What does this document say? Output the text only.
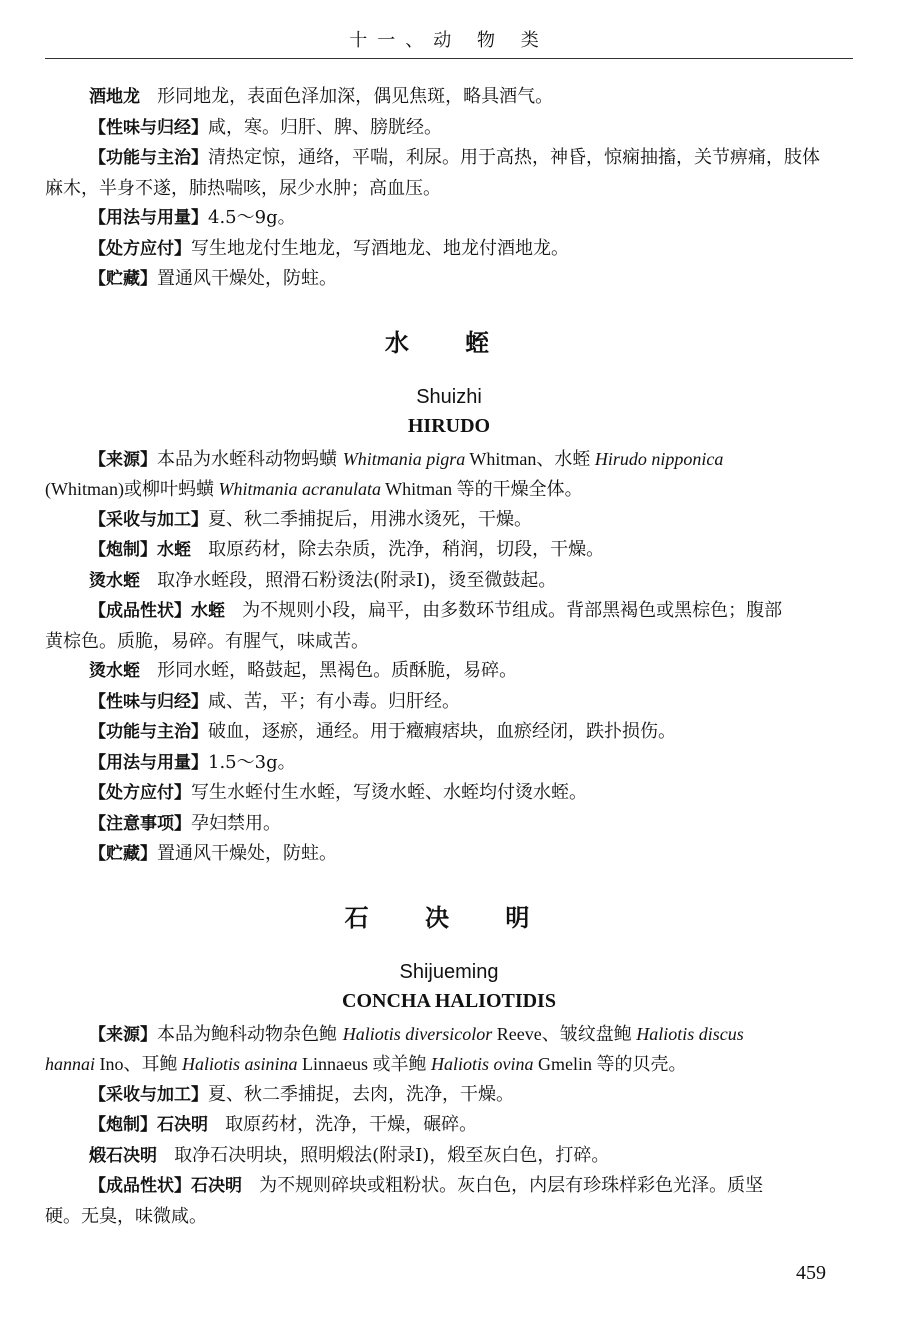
十一、动 物 类
酒地龙 形同地龙，表面色泽加深，偶见焦斑，略具酒气。
【性味与归经】咸，寒。归肝、脾、膀胱经。
【功能与主治】清热定惊，通络，平喘，利尿。用于高热，神昏，惊痫抽搐，关节痹痛，肢体
麻木，半身不遂，肺热喘咳，尿少水肿；高血压。
【用法与用量】4.5～9g。
【处方应付】写生地龙付生地龙，写酒地龙、地龙付酒地龙。
【贮藏】置通风干燥处，防蛀。
水 蛭
Shuizhi
HIRUDO
【来源】本品为水蛭科动物蚂蟥 Whitmania pigra Whitman、水蛭 Hirudo nipponica
(Whitman)或柳叶蚂蟥 Whitmania acranulata Whitman 等的干燥全体。
【采收与加工】夏、秋二季捕捉后，用沸水烫死，干燥。
【炮制】水蛭 取原药材，除去杂质，洗净，稍润，切段，干燥。
烫水蛭 取净水蛭段，照滑石粉烫法(附录Ⅰ)，烫至微鼓起。
【成品性状】水蛭 为不规则小段，扁平，由多数环节组成。背部黑褐色或黑棕色；腹部
黄棕色。质脆，易碎。有腥气，味咸苦。
烫水蛭 形同水蛭，略鼓起，黑褐色。质酥脆，易碎。
【性味与归经】咸、苦，平；有小毒。归肝经。
【功能与主治】破血，逐瘀，通经。用于癥瘕痞块，血瘀经闭，跌扑损伤。
【用法与用量】1.5～3g。
【处方应付】写生水蛭付生水蛭，写烫水蛭、水蛭均付烫水蛭。
【注意事项】孕妇禁用。
【贮藏】置通风干燥处，防蛀。
石 决 明
Shijueming
CONCHA HALIOTIDIS
【来源】本品为鲍科动物杂色鲍 Haliotis diversicolor Reeve、皱纹盘鲍 Haliotis discus
hannai Ino、耳鲍 Haliotis asinina Linnaeus 或羊鲍 Haliotis ovina Gmelin 等的贝壳。
【采收与加工】夏、秋二季捕捉，去肉，洗净，干燥。
【炮制】石决明 取原药材，洗净，干燥，碾碎。
煅石决明 取净石决明块，照明煅法(附录Ⅰ)，煅至灰白色，打碎。
【成品性状】石决明 为不规则碎块或粗粉状。灰白色，内层有珍珠样彩色光泽。质坚
硬。无臭，味微咸。
459
